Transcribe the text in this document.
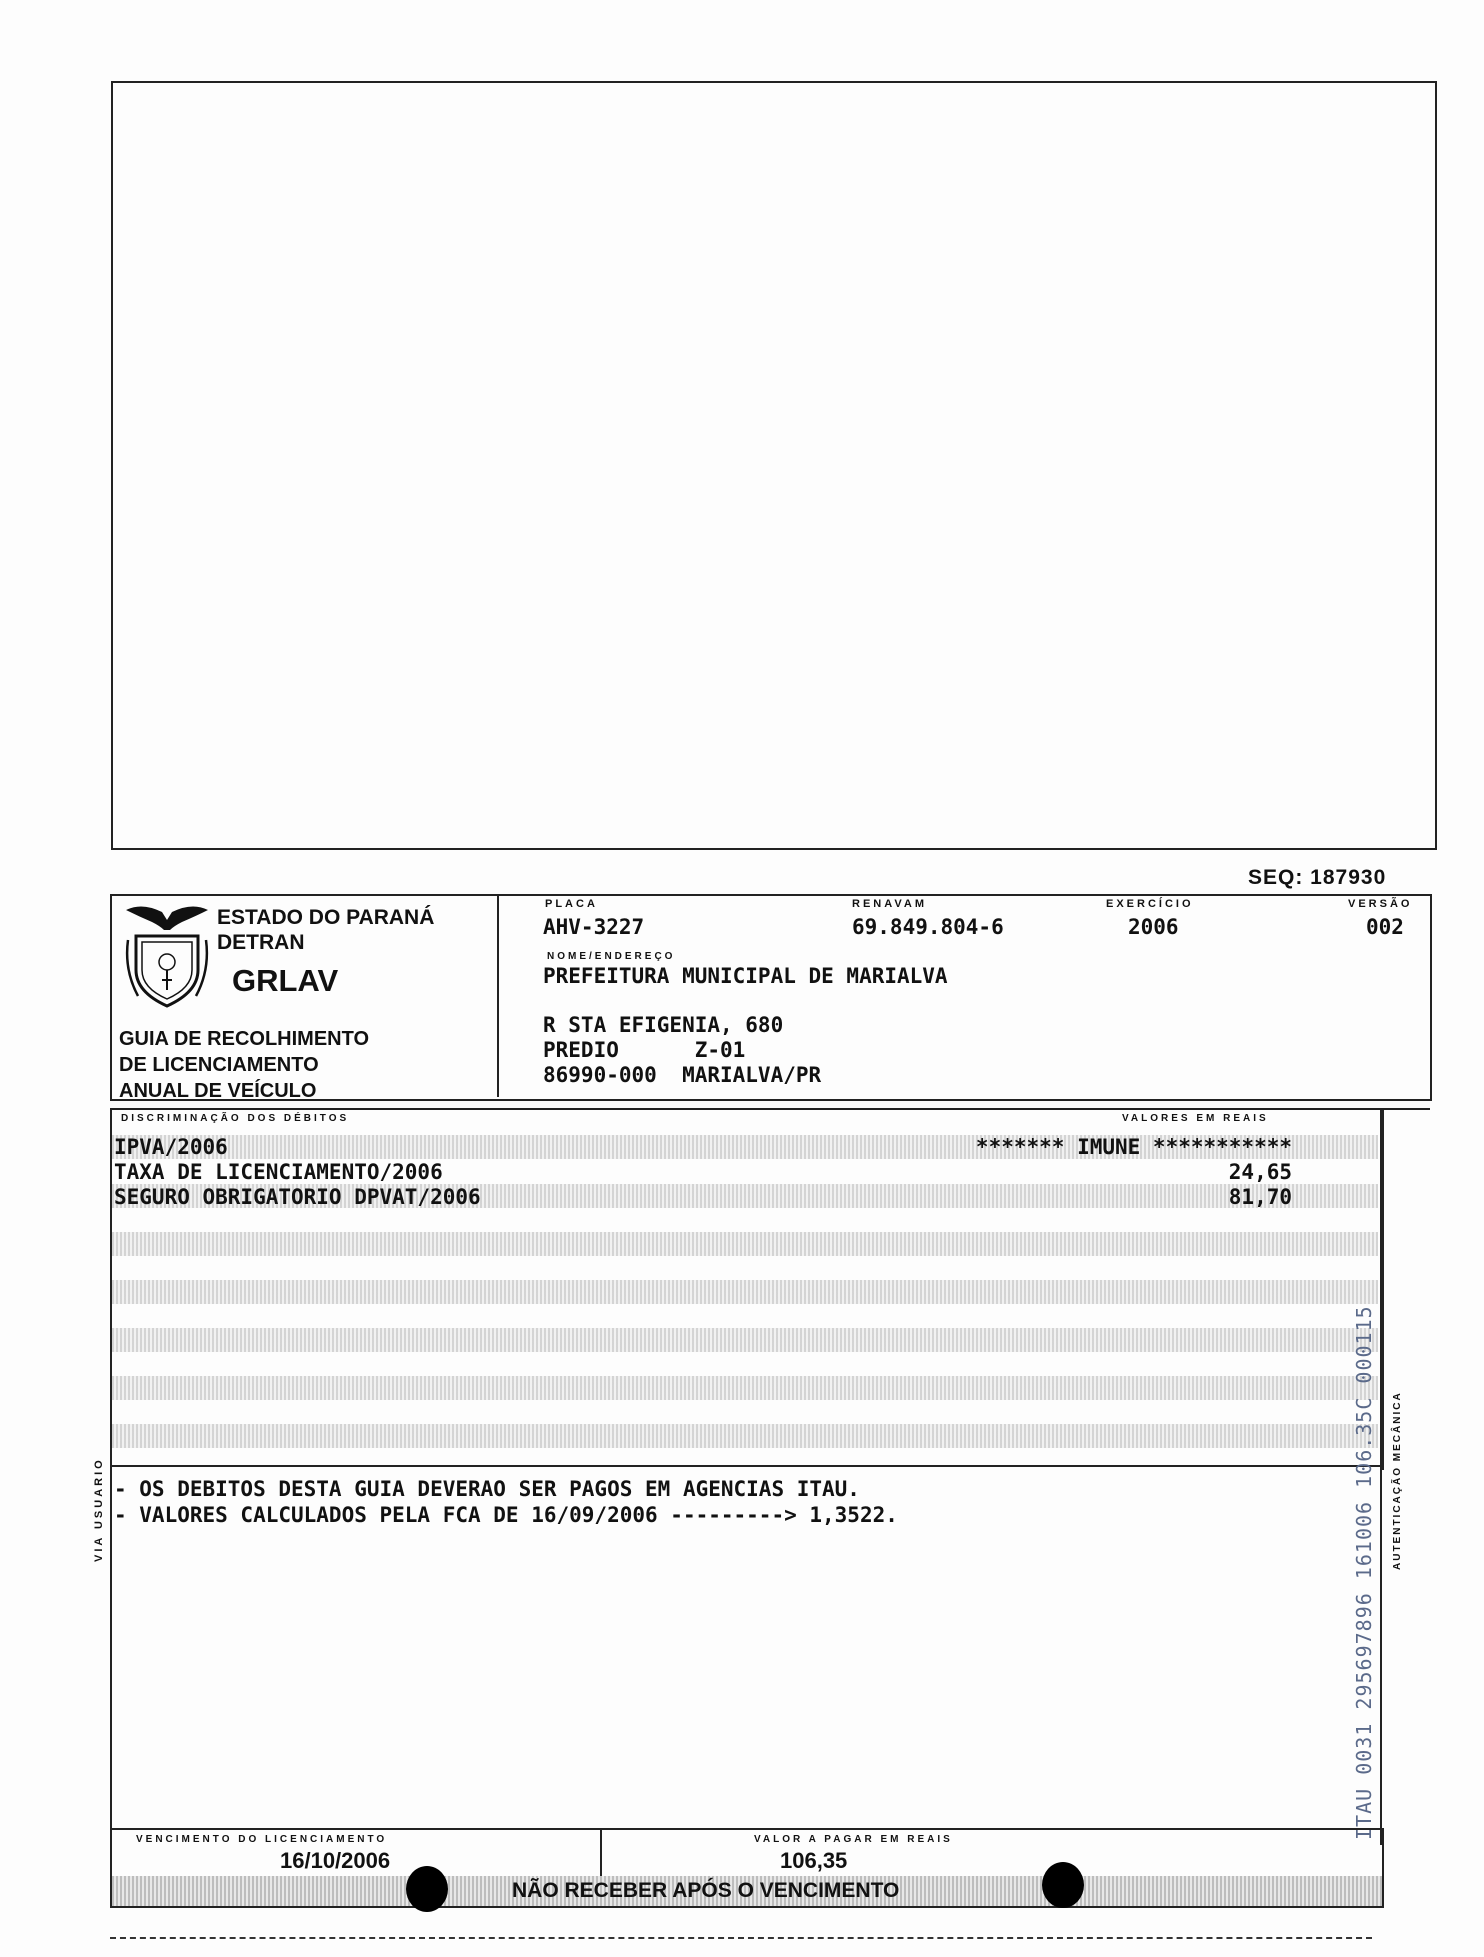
SEQ: 187930
ESTADO DO PARANÁ
DETRAN
GRLAV
GUIA DE RECOLHIMENTO
DE LICENCIAMENTO
ANUAL DE VEÍCULO
PLACA
AHV-3227
RENAVAM
69.849.804-6
EXERCÍCIO
2006
VERSÃO
002
NOME/ENDEREÇO
PREFEITURA MUNICIPAL DE MARIALVA
R STA EFIGENIA, 680
PREDIO      Z-01
86990-000  MARIALVA/PR
DISCRIMINAÇÃO DOS DÉBITOS	VALORES EM REAIS
IPVA/2006	******* IMUNE ***********
TAXA DE LICENCIAMENTO/2006	24,65
SEGURO OBRIGATORIO DPVAT/2006	81,70
- OS DEBITOS DESTA GUIA DEVERAO SER PAGOS EM AGENCIAS ITAU.
- VALORES CALCULADOS PELA FCA DE 16/09/2006 ---------> 1,3522.
VIA USUARIO	AUTENTICAÇÃO MECÂNICA
ITAU 0031 295697896 161006 106.35C 000115
VENCIMENTO DO LICENCIAMENTO
16/10/2006
VALOR A PAGAR EM REAIS
106,35
NÃO RECEBER APÓS O VENCIMENTO
